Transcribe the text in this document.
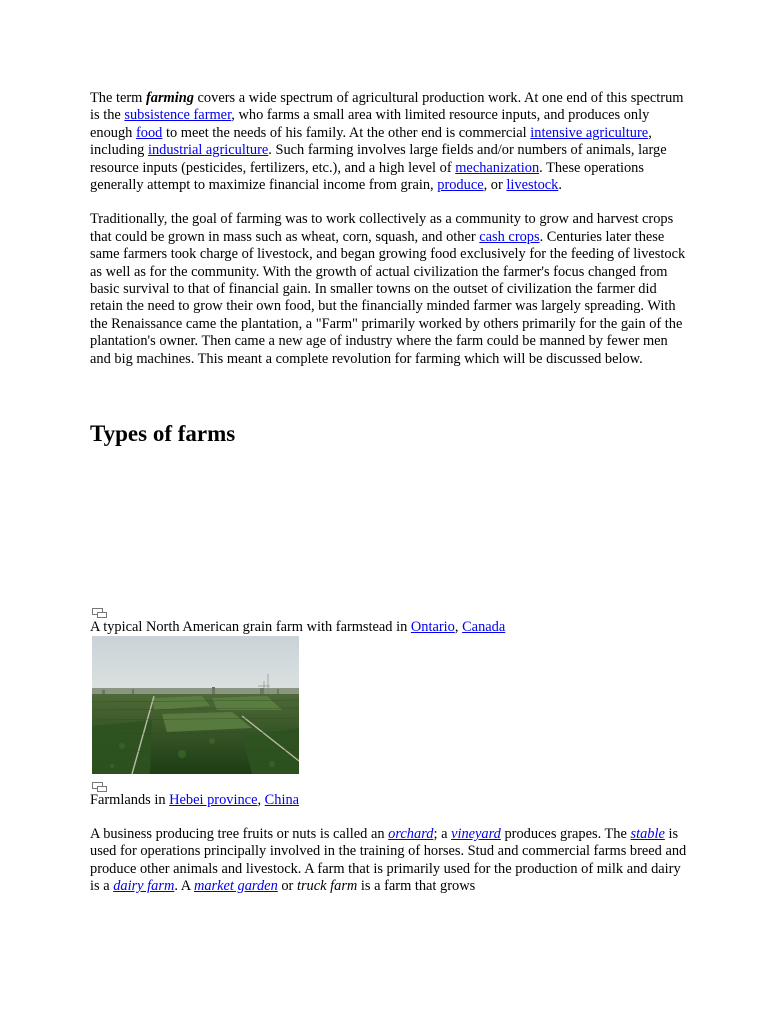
The term farming covers a wide spectrum of agricultural production work. At one end of this spectrum is the subsistence farmer, who farms a small area with limited resource inputs, and produces only enough food to meet the needs of his family. At the other end is commercial intensive agriculture, including industrial agriculture. Such farming involves large fields and/or numbers of animals, large resource inputs (pesticides, fertilizers, etc.), and a high level of mechanization. These operations generally attempt to maximize financial income from grain, produce, or livestock.

Traditionally, the goal of farming was to work collectively as a community to grow and harvest crops that could be grown in mass such as wheat, corn, squash, and other cash crops. Centuries later these same farmers took charge of livestock, and began growing food exclusively for the feeding of livestock as well as for the community. With the growth of actual civilization the farmer's focus changed from basic survival to that of financial gain. In smaller towns on the outset of civilization the farmer did retain the need to grow their own food, but the financially minded farmer was largely spreading. With the Renaissance came the plantation, a "Farm" primarily worked by others primarily for the gain of the plantation's owner. Then came a new age of industry where the farm could be manned by fewer men and big machines. This meant a complete revolution for farming which will be discussed below.

Types of farms

A typical North American grain farm with farmstead in Ontario, Canada

Farmlands in Hebei province, China

A business producing tree fruits or nuts is called an orchard; a vineyard produces grapes. The stable is used for operations principally involved in the training of horses. Stud and commercial farms breed and produce other animals and livestock. A farm that is primarily used for the production of milk and dairy is a dairy farm. A market garden or truck farm is a farm that grows
